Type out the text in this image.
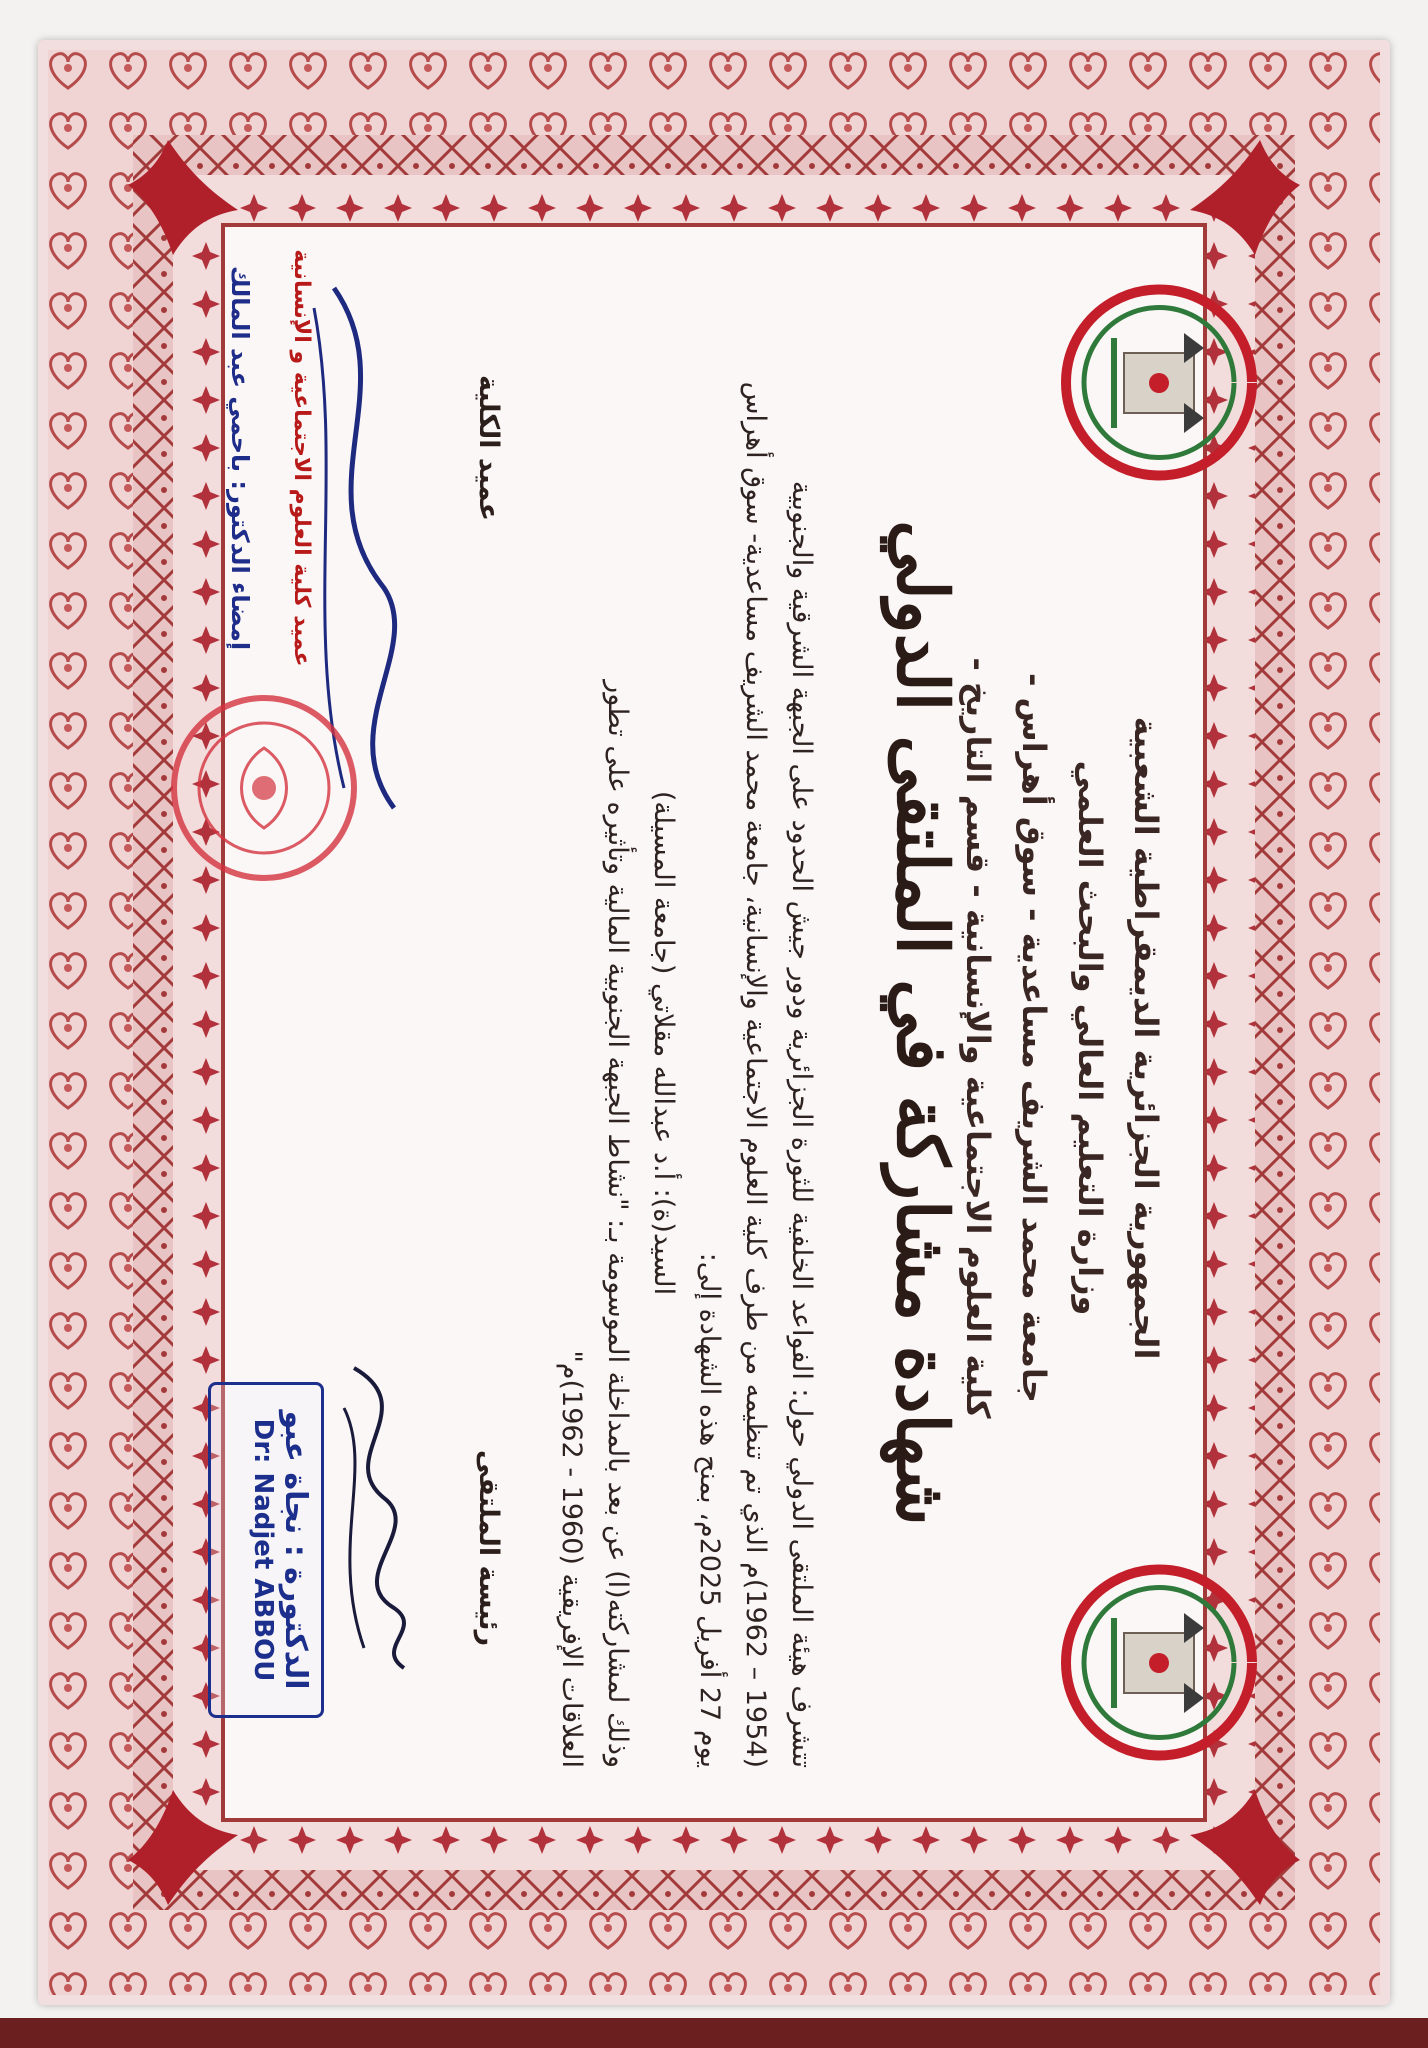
الجمهورية الجزائرية الديمقراطية الشعبية
وزارة التعليم العالي والبحث العلمي
جامعة محمد الشريف مساعدية - سوق أهراس -
كلية العلوم الاجتماعية والإنسانية - قسم التاريخ -
شهادة مشاركة في الملتقى الدولي
تتشرف هيئة الملتقى الدولي حول: الفواعد الخلفية للثورة الجزائرية ودور جيش الحدود على الجبهة الشرقية والجنوبية
(1954 – 1962)م الذي تم تنظيمه من طرف كلية العلوم الاجتماعية والإنسانية، جامعة محمد الشريف مساعدية- سوق أهراس
يوم 27 أفريل 2025م، بمنح هذه الشهادة إلى:
السيد(ة): أ.د عبدالله مقلاتي (جامعة المسيلة)
وذلك لمشاركته(ا) عن بعد بالمداخلة الموسومة بـ: "نشاط الجبهة الجنوبية المالية وتأثيره على تطور
العلاقات الإفريقية (1960 - 1962)م"
رئيسة الملتقى
عميد الكلية
الدكتورة : نجاة عبو
Dr: Nadjet ABBOU
عميد كلية العلوم الاجتماعية و الإنسانية
إمضاء الدكتور: باحمي عبد المالك
